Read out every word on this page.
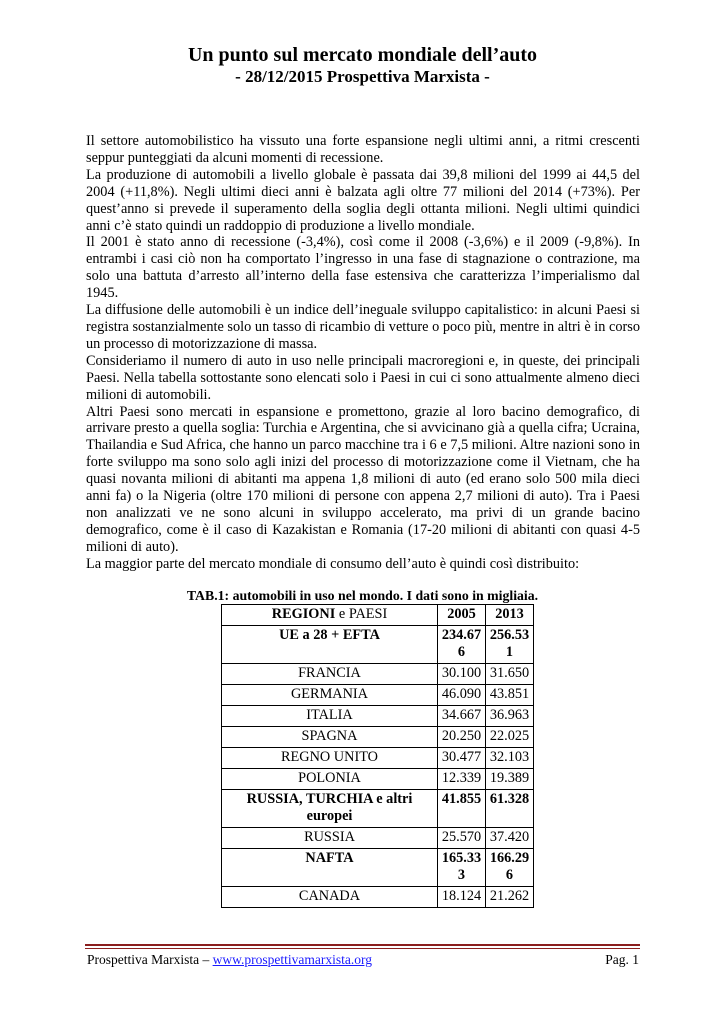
Un punto sul mercato mondiale dell’auto
- 28/12/2015 Prospettiva Marxista -

Il settore automobilistico ha vissuto una forte espansione negli ultimi anni, a ritmi crescenti seppur punteggiati da alcuni momenti di recessione.

La produzione di automobili a livello globale è passata dai 39,8 milioni del 1999 ai 44,5 del 2004 (+11,8%). Negli ultimi dieci anni è balzata agli oltre 77 milioni del 2014 (+73%). Per quest’anno si prevede il superamento della soglia degli ottanta milioni. Negli ultimi quindici anni c’è stato quindi un raddoppio di produzione a livello mondiale.

Il 2001 è stato anno di recessione (-3,4%), così come il 2008 (-3,6%) e il 2009 (-9,8%). In entrambi i casi ciò non ha comportato l’ingresso in una fase di stagnazione o contrazione, ma solo una battuta d’arresto all’interno della fase estensiva che caratterizza l’imperialismo dal 1945.

La diffusione delle automobili è un indice dell’ineguale sviluppo capitalistico: in alcuni Paesi si registra sostanzialmente solo un tasso di ricambio di vetture o poco più, mentre in altri è in corso un processo di motorizzazione di massa.

Consideriamo il numero di auto in uso nelle principali macroregioni e, in queste, dei principali Paesi. Nella tabella sottostante sono elencati solo i Paesi in cui ci sono attualmente almeno dieci milioni di automobili.

Altri Paesi sono mercati in espansione e promettono, grazie al loro bacino demografico, di arrivare presto a quella soglia: Turchia e Argentina, che si avvicinano già a quella cifra; Ucraina, Thailandia e Sud Africa, che hanno un parco macchine tra i 6 e 7,5 milioni. Altre nazioni sono in forte sviluppo ma sono solo agli inizi del processo di motorizzazione come il Vietnam, che ha quasi novanta milioni di abitanti ma appena 1,8 milioni di auto (ed erano solo 500 mila dieci anni fa) o la Nigeria (oltre 170 milioni di persone con appena 2,7 milioni di auto). Tra i Paesi non analizzati ve ne sono alcuni in sviluppo accelerato, ma privi di un grande bacino demografico, come è il caso di Kazakistan e Romania (17-20 milioni di abitanti con quasi 4-5 milioni di auto).

La maggior parte del mercato mondiale di consumo dell’auto è quindi così distribuito:

TAB.1: automobili in uso nel mondo. I dati sono in migliaia.
REGIONI e PAESI	2005	2013
UE a 28 + EFTA	234.676	256.531
FRANCIA	30.100	31.650
GERMANIA	46.090	43.851
ITALIA	34.667	36.963
SPAGNA	20.250	22.025
REGNO UNITO	30.477	32.103
POLONIA	12.339	19.389
RUSSIA, TURCHIA e altri europei	41.855	61.328
RUSSIA	25.570	37.420
NAFTA	165.333	166.296
CANADA	18.124	21.262
Prospettiva Marxista – www.prospettivamarxista.org	Pag. 1
